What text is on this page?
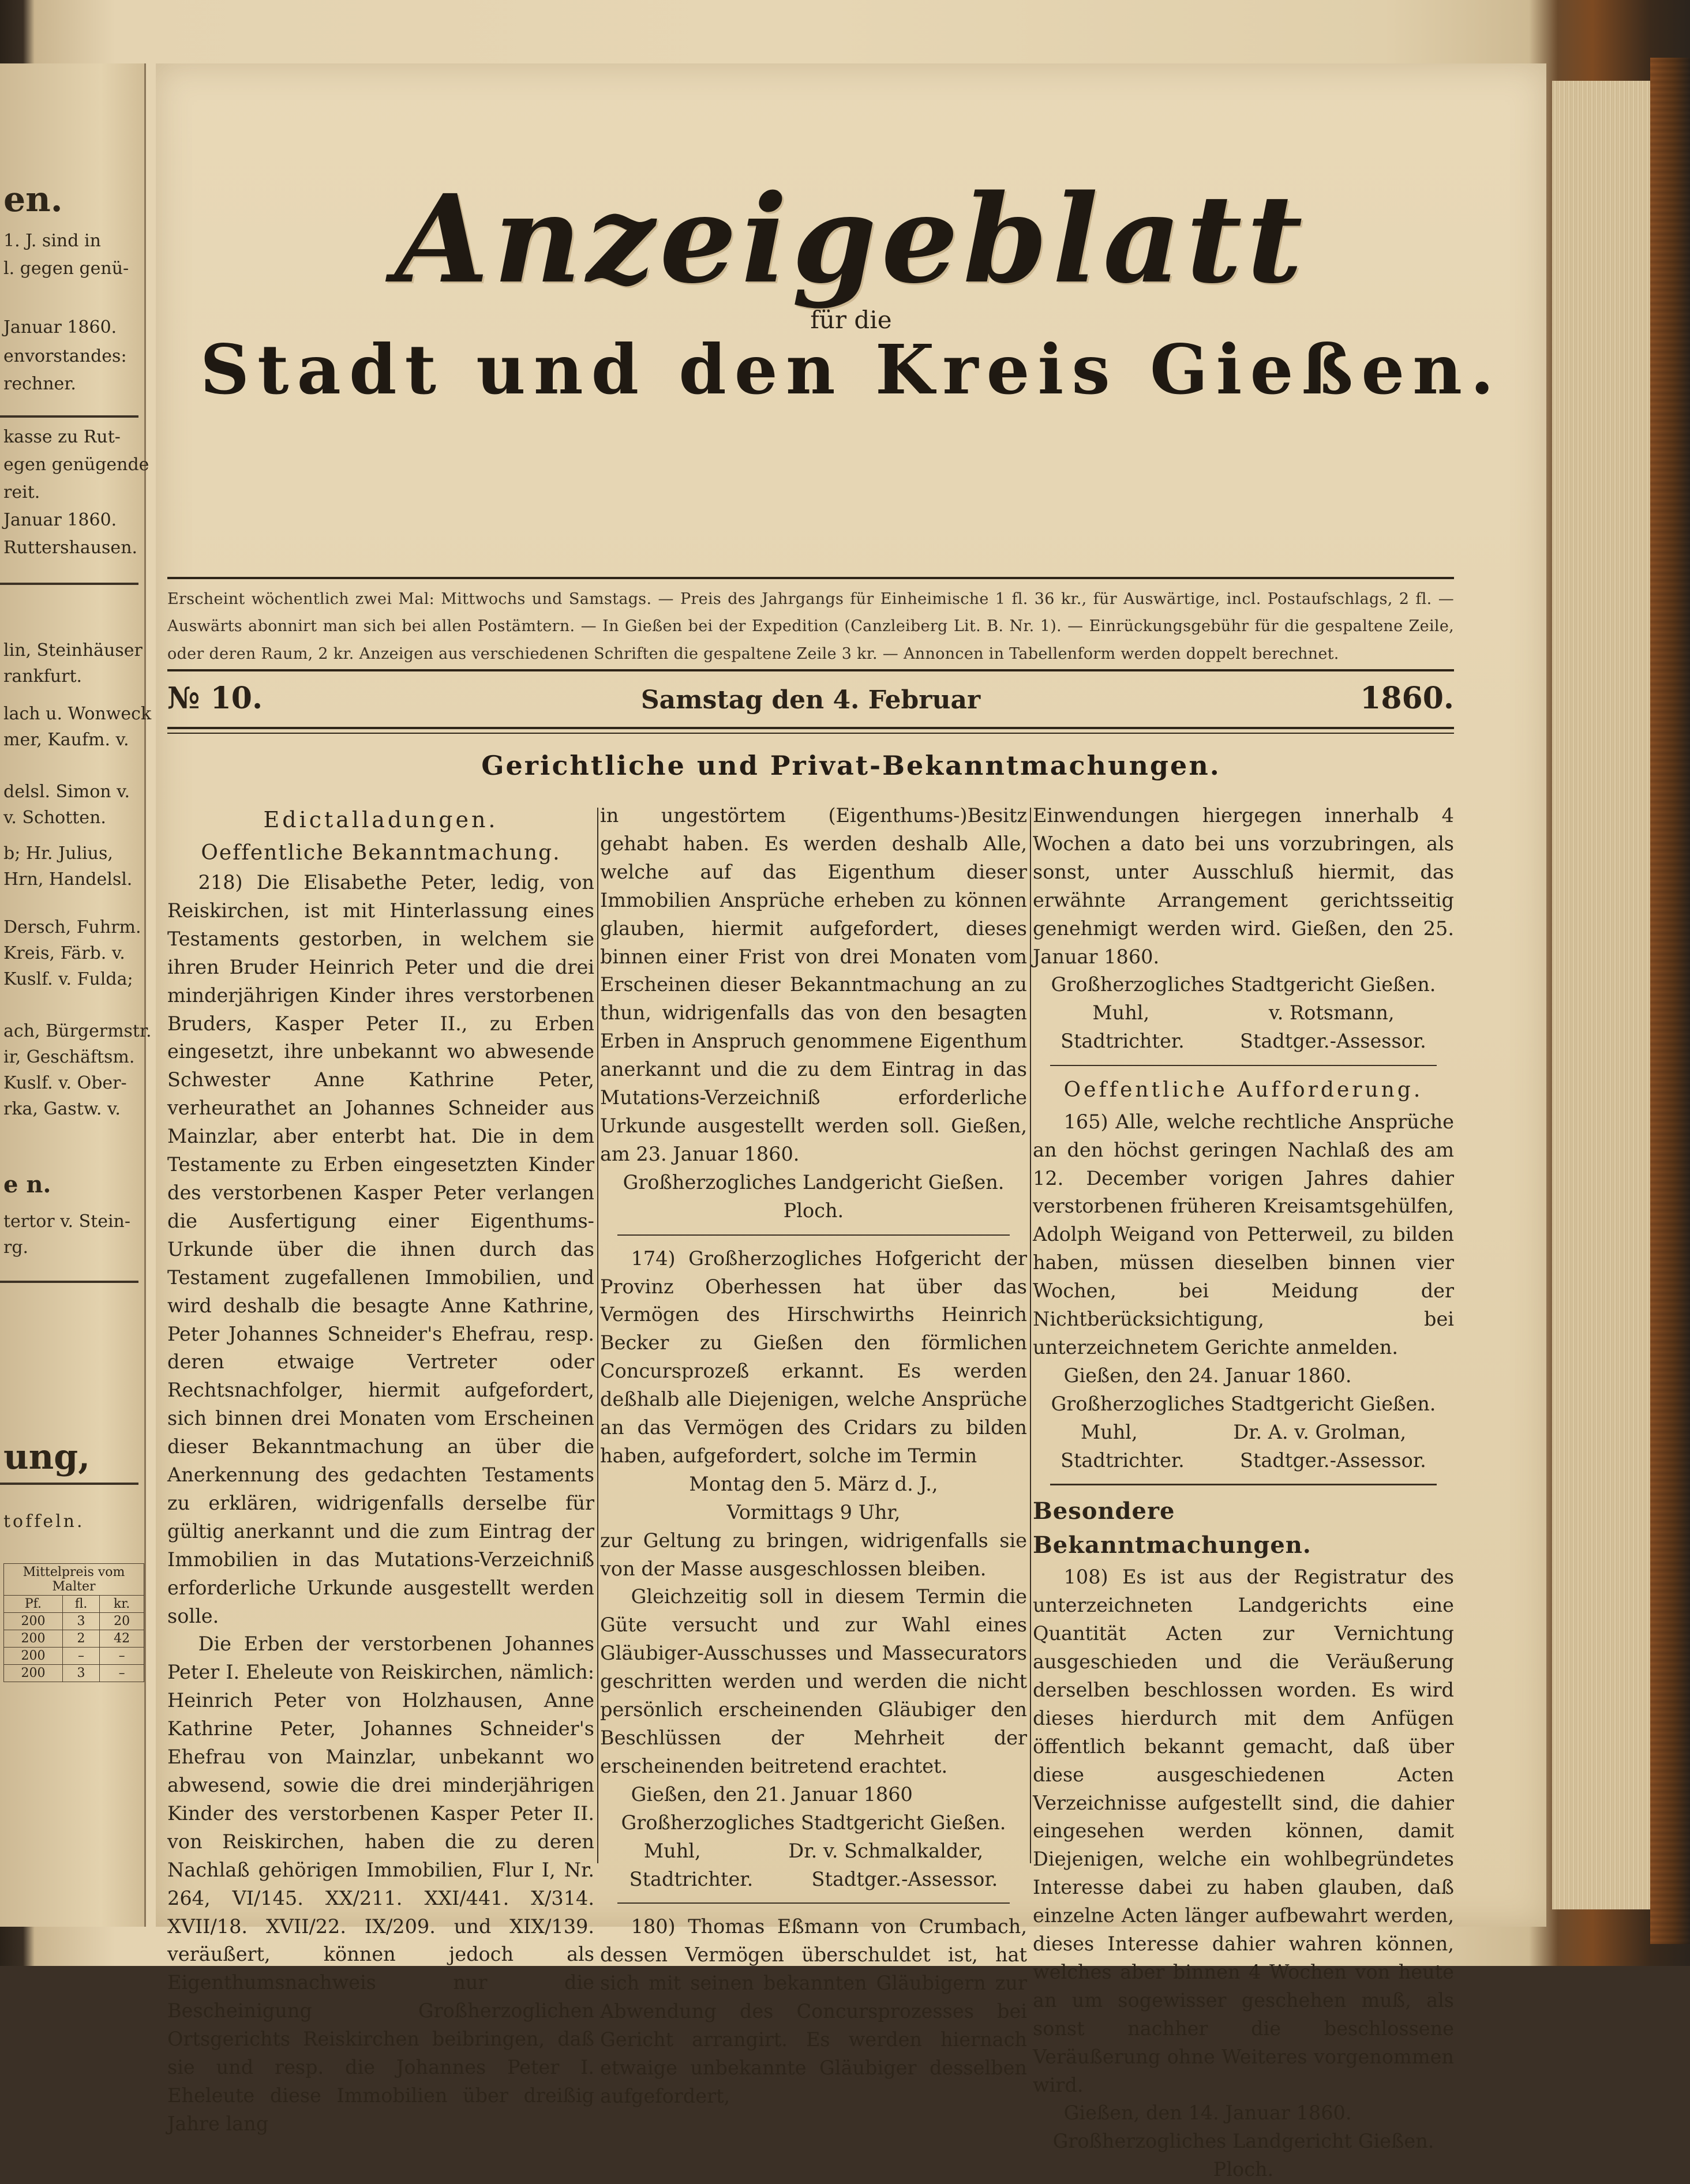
en.
1. J. sind in
l. gegen genü-
Januar 1860.
envorstandes:
rechner.
kasse zu Rut-
egen genügende
reit.
Januar 1860.
Ruttershausen.
lin, Steinhäuser
rankfurt.
lach u. Wonweck
mer, Kaufm. v.
delsl. Simon v.
v. Schotten.
b; Hr. Julius,
Hrn, Handelsl.
Dersch, Fuhrm.
Kreis, Färb. v.
Kuslf. v. Fulda;
ach, Bürgermstr.
ir, Geschäftsm.
Kuslf. v. Ober-
rka, Gastw. v.
e n.
tertor v. Stein-
rg.
ung,
toffeln.
Mittelpreis vom Malter		
Pf.	fl.	kr.
200	3	20
200	2	42
200	–	–
200	3	–
Anzeigeblatt
für die
Stadt und den Kreis Gießen.
Erscheint wöchentlich zwei Mal: Mittwochs und Samstags. — Preis des Jahrgangs für Einheimische 1 fl. 36 kr., für Auswärtige, incl. Postaufschlags, 2 fl. — Auswärts abonnirt man sich bei allen Postämtern. — In Gießen bei der Expedition (Canzleiberg Lit. B. Nr. 1). — Einrückungsgebühr für die gespaltene Zeile, oder deren Raum, 2 kr. Anzeigen aus verschiedenen Schriften die gespaltene Zeile 3 kr. — Annoncen in Tabellenform werden doppelt berechnet.
№ 10.	Samstag den 4. Februar	1860.
Gerichtliche und Privat-Bekanntmachungen.

Edictalladungen.

Oeffentliche Bekanntmachung.

218) Die Elisabethe Peter, ledig, von Reiskirchen, ist mit Hinterlassung eines Testaments gestorben, in welchem sie ihren Bruder Heinrich Peter und die drei minderjährigen Kinder ihres verstorbenen Bruders, Kasper Peter II., zu Erben eingesetzt, ihre unbekannt wo abwesende Schwester Anne Kathrine Peter, verheurathet an Johannes Schneider aus Mainzlar, aber enterbt hat. Die in dem Testamente zu Erben eingesetzten Kinder des verstorbenen Kasper Peter verlangen die Ausfertigung einer Eigenthums-Urkunde über die ihnen durch das Testament zugefallenen Immobilien, und wird deshalb die besagte Anne Kathrine, Peter Johannes Schneider's Ehefrau, resp. deren etwaige Vertreter oder Rechtsnachfolger, hiermit aufgefordert, sich binnen drei Monaten vom Erscheinen dieser Bekanntmachung an über die Anerkennung des gedachten Testaments zu erklären, widrigenfalls derselbe für gültig anerkannt und die zum Eintrag der Immobilien in das Mutations-Verzeichniß erforderliche Urkunde ausgestellt werden solle.

Die Erben der verstorbenen Johannes Peter I. Eheleute von Reiskirchen, nämlich: Heinrich Peter von Holzhausen, Anne Kathrine Peter, Johannes Schneider's Ehefrau von Mainzlar, unbekannt wo abwesend, sowie die drei minderjährigen Kinder des verstorbenen Kasper Peter II. von Reiskirchen, haben die zu deren Nachlaß gehörigen Immobilien, Flur I, Nr. 264, VI/145. XX/211. XXI/441. X/314. XVII/18. XVII/22. IX/209. und XIX/139. veräußert, können jedoch als Eigenthumsnachweis nur die Bescheinigung Großherzoglichen Ortsgerichts Reiskirchen beibringen, daß sie und resp. die Johannes Peter I. Eheleute diese Immobilien über dreißig Jahre lang

in ungestörtem (Eigenthums-)Besitz gehabt haben. Es werden deshalb Alle, welche auf das Eigenthum dieser Immobilien Ansprüche erheben zu können glauben, hiermit aufgefordert, dieses binnen einer Frist von drei Monaten vom Erscheinen dieser Bekanntmachung an zu thun, widrigenfalls das von den besagten Erben in Anspruch genommene Eigenthum anerkannt und die zu dem Eintrag in das Mutations-Verzeichniß erforderliche Urkunde ausgestellt werden soll. Gießen, am 23. Januar 1860.

Großherzogliches Landgericht Gießen.

Ploch.

174) Großherzogliches Hofgericht der Provinz Oberhessen hat über das Vermögen des Hirschwirths Heinrich Becker zu Gießen den förmlichen Concursprozeß erkannt. Es werden deßhalb alle Diejenigen, welche Ansprüche an das Vermögen des Cridars zu bilden haben, aufgefordert, solche im Termin

Montag den 5. März d. J.,

Vormittags 9 Uhr,

zur Geltung zu bringen, widrigenfalls sie von der Masse ausgeschlossen bleiben.

Gleichzeitig soll in diesem Termin die Güte versucht und zur Wahl eines Gläubiger-Ausschusses und Massecurators geschritten werden und werden die nicht persönlich erscheinenden Gläubiger den Beschlüssen der Mehrheit der erscheinenden beitretend erachtet.

Gießen, den 21. Januar 1860

Großherzogliches Stadtgericht Gießen.

Muhl,	Dr. v. Schmalkalder,
Stadtrichter.	Stadtger.-Assessor.

180) Thomas Eßmann von Crumbach, dessen Vermögen überschuldet ist, hat sich mit seinen bekannten Gläubigern zur Abwendung des Concursprozesses bei Gericht arrangirt. Es werden hiernach etwaige unbekannte Gläubiger desselben aufgefordert,

Einwendungen hiergegen innerhalb 4 Wochen a dato bei uns vorzubringen, als sonst, unter Ausschluß hiermit, das erwähnte Arrangement gerichtsseitig genehmigt werden wird. Gießen, den 25. Januar 1860.

Großherzogliches Stadtgericht Gießen.

Muhl,	v. Rotsmann,
Stadtrichter.	Stadtger.-Assessor.

Oeffentliche Aufforderung.

165) Alle, welche rechtliche Ansprüche an den höchst geringen Nachlaß des am 12. December vorigen Jahres dahier verstorbenen früheren Kreisamtsgehülfen, Adolph Weigand von Petterweil, zu bilden haben, müssen dieselben binnen vier Wochen, bei Meidung der Nichtberücksichtigung, bei unterzeichnetem Gerichte anmelden.

Gießen, den 24. Januar 1860.

Großherzogliches Stadtgericht Gießen.

Muhl,	Dr. A. v. Grolman,
Stadtrichter.	Stadtger.-Assessor.

Besondere Bekanntmachungen.

108) Es ist aus der Registratur des unterzeichneten Landgerichts eine Quantität Acten zur Vernichtung ausgeschieden und die Veräußerung derselben beschlossen worden. Es wird dieses hierdurch mit dem Anfügen öffentlich bekannt gemacht, daß über diese ausgeschiedenen Acten Verzeichnisse aufgestellt sind, die dahier eingesehen werden können, damit Diejenigen, welche ein wohlbegründetes Interesse dabei zu haben glauben, daß einzelne Acten länger aufbewahrt werden, dieses Interesse dahier wahren können, welches aber binnen 4 Wochen von heute an um sogewisser geschehen muß, als sonst nachher die beschlossene Veräußerung ohne Weiteres vorgenommen wird.

Gießen, den 14. Januar 1860.

Großherzogliches Landgericht Gießen.

Ploch.
